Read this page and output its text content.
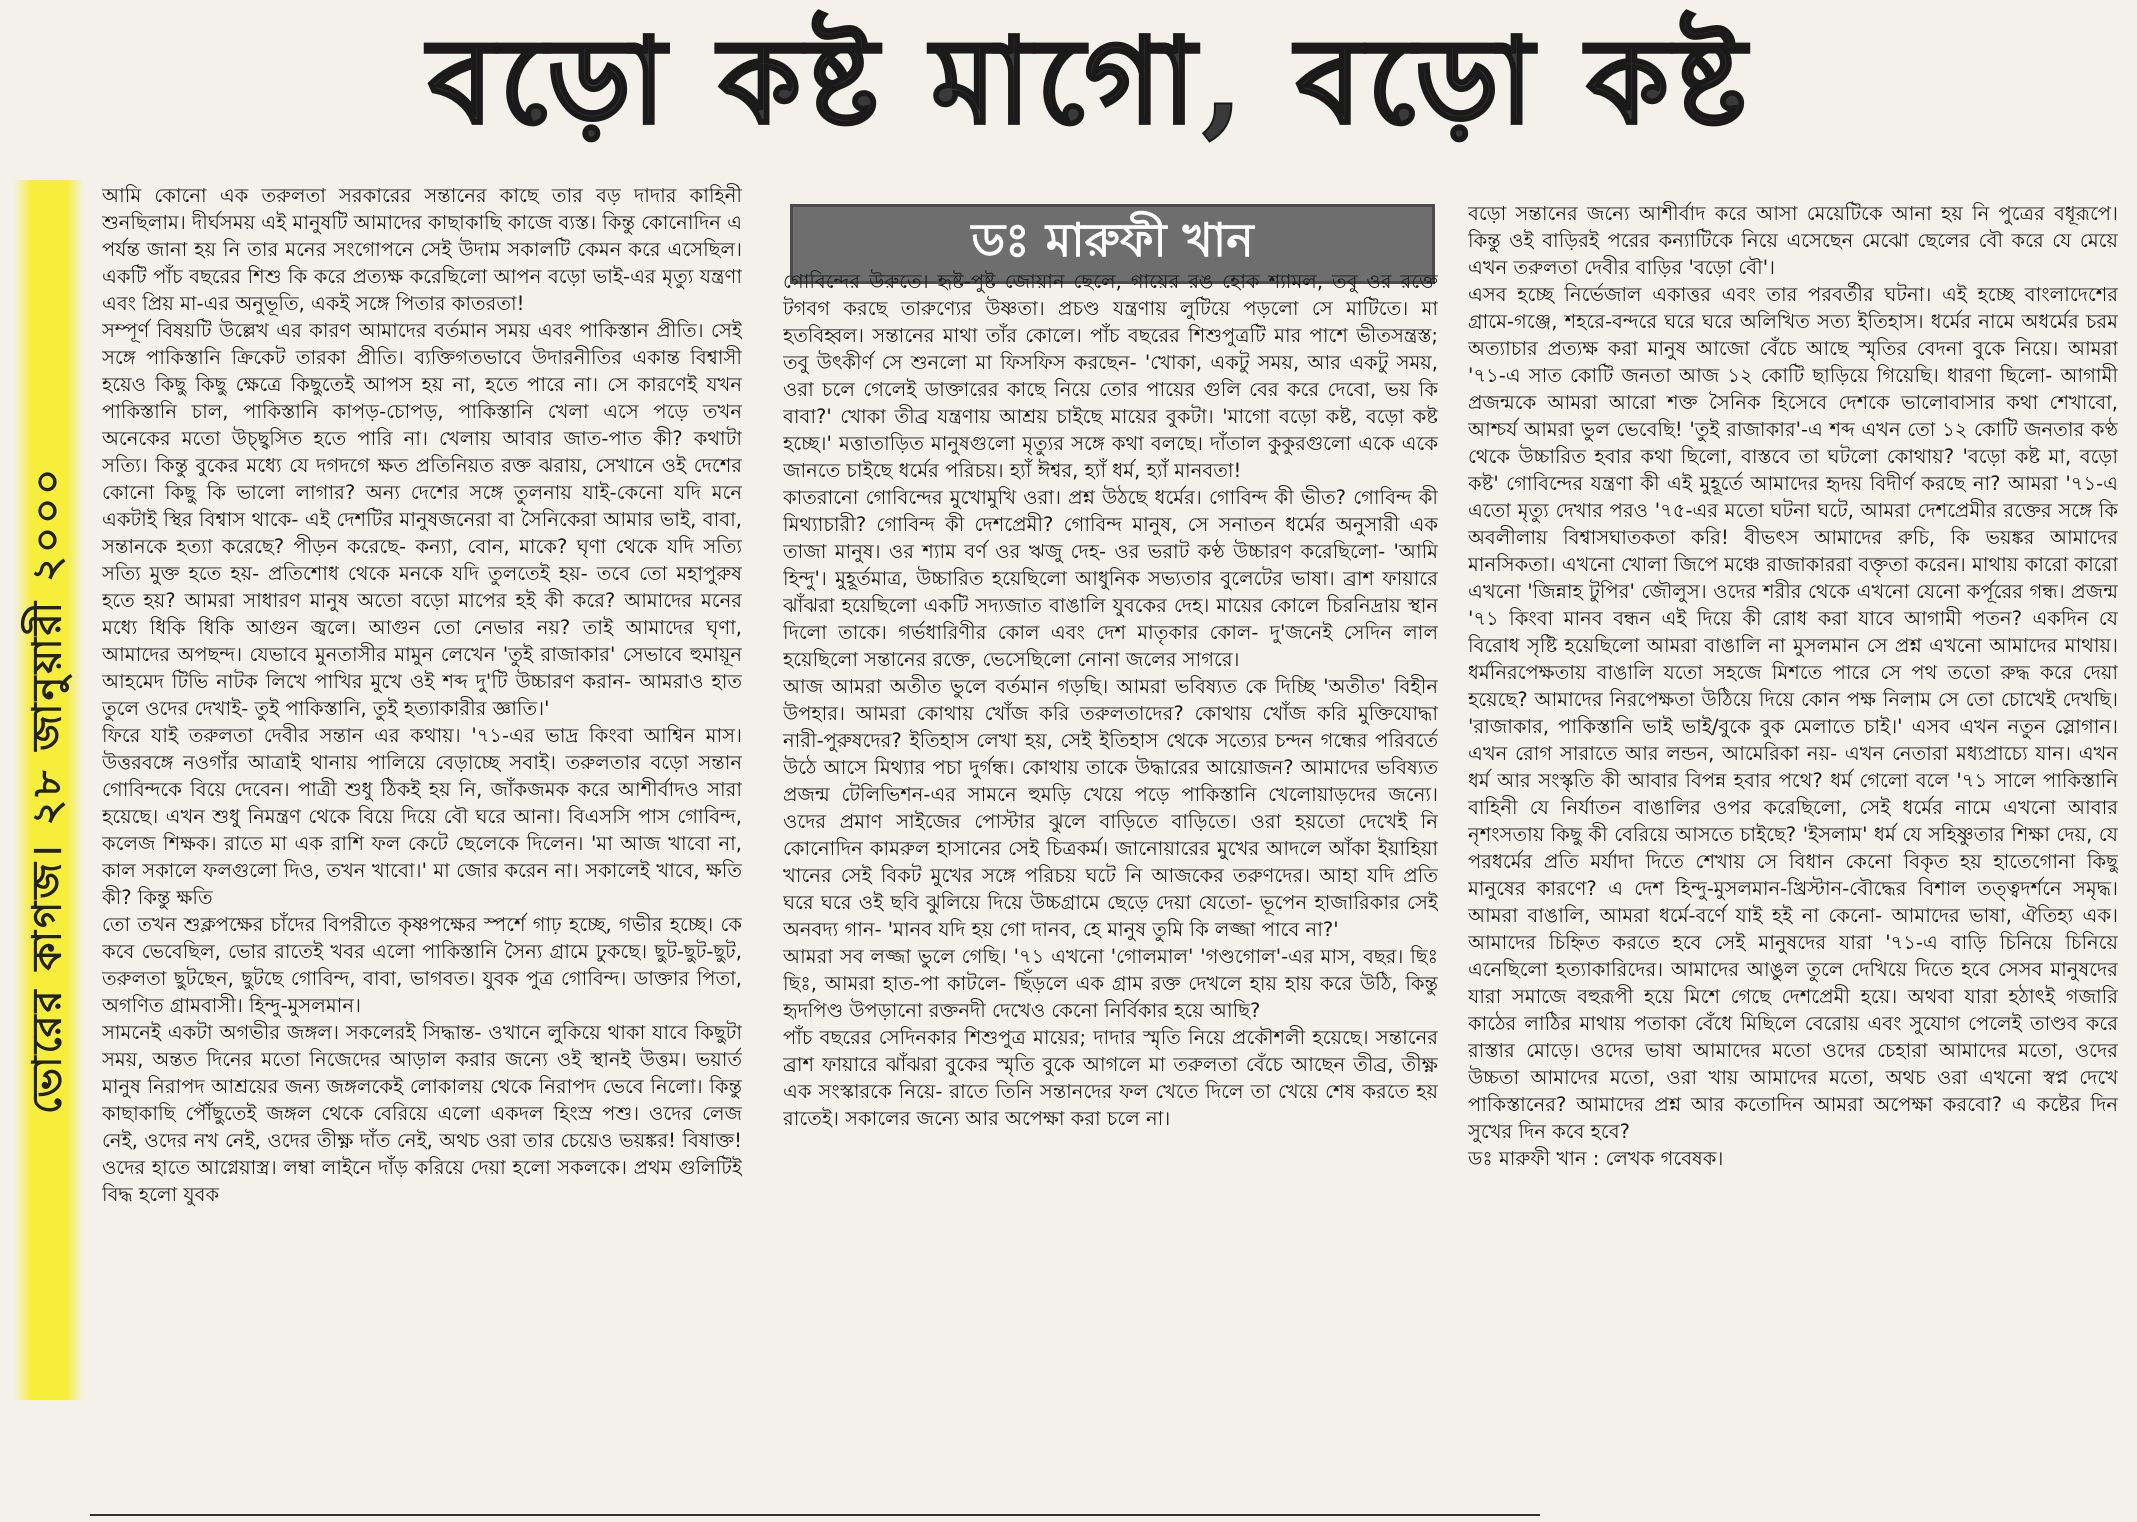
বড়ো কষ্ট মাগো, বড়ো কষ্ট
ভোরের কাগজ। ২৮ জানুয়ারী ২০০০

আমি কোনো এক তরুলতা সরকারের সন্তানের কাছে তার বড় দাদার কাহিনী শুনছিলাম। দীর্ঘসময় এই মানুষটি আমাদের কাছাকাছি কাজে ব্যস্ত। কিন্তু কোনোদিন এ পর্যন্ত জানা হয় নি তার মনের সংগোপনে সেই উদাম সকালটি কেমন করে এসেছিল। একটি পাঁচ বছরের শিশু কি করে প্রত্যক্ষ করেছিলো আপন বড়ো ভাই-এর মৃত্যু যন্ত্রণা এবং প্রিয় মা-এর অনুভূতি, একই সঙ্গে পিতার কাতরতা!

সম্পূর্ণ বিষয়টি উল্লেখ এর কারণ আমাদের বর্তমান সময় এবং পাকিস্তান প্রীতি। সেই সঙ্গে পাকিস্তানি ক্রিকেট তারকা প্রীতি। ব্যক্তিগতভাবে উদারনীতির একান্ত বিশ্বাসী হয়েও কিছু কিছু ক্ষেত্রে কিছুতেই আপস হয় না, হতে পারে না। সে কারণেই যখন পাকিস্তানি চাল, পাকিস্তানি কাপড়-চোপড়, পাকিস্তানি খেলা এসে পড়ে তখন অনেকের মতো উচ্ছ্বসিত হতে পারি না। খেলায় আবার জাত-পাত কী? কথাটা সত্যি। কিন্তু বুকের মধ্যে যে দগদগে ক্ষত প্রতিনিয়ত রক্ত ঝরায়, সেখানে ওই দেশের কোনো কিছু কি ভালো লাগার? অন্য দেশের সঙ্গে তুলনায় যাই-কেনো যদি মনে একটাই স্থির বিশ্বাস থাকে- এই দেশটির মানুষজনেরা বা সৈনিকেরা আমার ভাই, বাবা, সন্তানকে হত্যা করেছে? পীড়ন করেছে- কন্যা, বোন, মাকে? ঘৃণা থেকে যদি সত্যি সত্যি মুক্ত হতে হয়- প্রতিশোধ থেকে মনকে যদি তুলতেই হয়- তবে তো মহাপুরুষ হতে হয়? আমরা সাধারণ মানুষ অতো বড়ো মাপের হই কী করে? আমাদের মনের মধ্যে ধিকি ধিকি আগুন জ্বলে। আগুন তো নেভার নয়? তাই আমাদের ঘৃণা, আমাদের অপছন্দ। যেভাবে মুনতাসীর মামুন লেখেন 'তুই রাজাকার' সেভাবে হুমায়ূন আহমেদ টিভি নাটক লিখে পাখির মুখে ওই শব্দ দু'টি উচ্চারণ করান- আমরাও হাত তুলে ওদের দেখাই- তুই পাকিস্তানি, তুই হত্যাকারীর জ্ঞাতি।'

ফিরে যাই তরুলতা দেবীর সন্তান এর কথায়। '৭১-এর ভাদ্র কিংবা আশ্বিন মাস। উত্তরবঙ্গে নওগাঁর আত্রাই থানায় পালিয়ে বেড়াচ্ছে সবাই। তরুলতার বড়ো সন্তান গোবিন্দকে বিয়ে দেবেন। পাত্রী শুধু ঠিকই হয় নি, জাঁকজমক করে আশীর্বাদও সারা হয়েছে। এখন শুধু নিমন্ত্রণ থেকে বিয়ে দিয়ে বৌ ঘরে আনা। বিএসসি পাস গোবিন্দ, কলেজ শিক্ষক। রাতে মা এক রাশি ফল কেটে ছেলেকে দিলেন। 'মা আজ খাবো না, কাল সকালে ফলগুলো দিও, তখন খাবো।' মা জোর করেন না। সকালেই খাবে, ক্ষতি কী? কিন্তু ক্ষতি

তো তখন শুক্লপক্ষের চাঁদের বিপরীতে কৃষ্ণপক্ষের স্পর্শে গাঢ় হচ্ছে, গভীর হচ্ছে। কে কবে ভেবেছিল, ভোর রাতেই খবর এলো পাকিস্তানি সৈন্য গ্রামে ঢুকছে। ছুট-ছুট-ছুট, তরুলতা ছুটছেন, ছুটছে গোবিন্দ, বাবা, ভাগবত। যুবক পুত্র গোবিন্দ। ডাক্তার পিতা, অগণিত গ্রামবাসী। হিন্দু-মুসলমান।

সামনেই একটা অগভীর জঙ্গল। সকলেরই সিদ্ধান্ত- ওখানে লুকিয়ে থাকা যাবে কিছুটা সময়, অন্তত দিনের মতো নিজেদের আড়াল করার জন্যে ওই স্থানই উত্তম। ভয়ার্ত মানুষ নিরাপদ আশ্রয়ের জন্য জঙ্গলকেই লোকালয় থেকে নিরাপদ ভেবে নিলো। কিন্তু কাছাকাছি পৌঁছুতেই জঙ্গল থেকে বেরিয়ে এলো একদল হিংস্র পশু। ওদের লেজ নেই, ওদের নখ নেই, ওদের তীক্ষ্ণ দাঁত নেই, অথচ ওরা তার চেয়েও ভয়ঙ্কর! বিষাক্ত! ওদের হাতে আগ্নেয়াস্ত্র। লম্বা লাইনে দাঁড় করিয়ে দেয়া হলো সকলকে। প্রথম গুলিটিই বিদ্ধ হলো যুবক

ডঃ মারুফী খান

গোবিন্দের উরুতে। হৃষ্ট-পুষ্ট জোয়ান ছেলে, গায়ের রঙ হোক শ্যামল, তবু ওর রক্তে টগবগ করছে তারুণ্যের উষ্ণতা। প্রচণ্ড যন্ত্রণায় লুটিয়ে পড়লো সে মাটিতে। মা হতবিহ্বল। সন্তানের মাথা তাঁর কোলে। পাঁচ বছরের শিশুপুত্রটি মার পাশে ভীতসন্ত্রস্ত; তবু উৎকীর্ণ সে শুনলো মা ফিসফিস করছেন- 'খোকা, একটু সময়, আর একটু সময়, ওরা চলে গেলেই ডাক্তারের কাছে নিয়ে তোর পায়ের গুলি বের করে দেবো, ভয় কি বাবা?' খোকা তীব্র যন্ত্রণায় আশ্রয় চাইছে মায়ের বুকটা। 'মাগো বড়ো কষ্ট, বড়ো কষ্ট হচ্ছে।' মত্তাতাড়িত মানুষগুলো মৃত্যুর সঙ্গে কথা বলছে। দাঁতাল কুকুরগুলো একে একে জানতে চাইছে ধর্মের পরিচয়। হ্যাঁ ঈশ্বর, হ্যাঁ ধর্ম, হ্যাঁ মানবতা!

কাতরানো গোবিন্দের মুখোমুখি ওরা। প্রশ্ন উঠছে ধর্মের। গোবিন্দ কী ভীত? গোবিন্দ কী মিথ্যাচারী? গোবিন্দ কী দেশপ্রেমী? গোবিন্দ মানুষ, সে সনাতন ধর্মের অনুসারী এক তাজা মানুষ। ওর শ্যাম বর্ণ ওর ঋজু দেহ- ওর ভরাট কণ্ঠ উচ্চারণ করেছিলো- 'আমি হিন্দু'। মুহূর্তমাত্র, উচ্চারিত হয়েছিলো আধুনিক সভ্যতার বুলেটের ভাষা। ব্রাশ ফায়ারে ঝাঁঝরা হয়েছিলো একটি সদ্যজাত বাঙালি যুবকের দেহ। মায়ের কোলে চিরনিদ্রায় স্থান দিলো তাকে। গর্ভধারিণীর কোল এবং দেশ মাতৃকার কোল- দু'জনেই সেদিন লাল হয়েছিলো সন্তানের রক্তে, ভেসেছিলো নোনা জলের সাগরে।

আজ আমরা অতীত ভুলে বর্তমান গড়ছি। আমরা ভবিষ্যত কে দিচ্ছি 'অতীত' বিহীন উপহার। আমরা কোথায় খোঁজ করি তরুলতাদের? কোথায় খোঁজ করি মুক্তিযোদ্ধা নারী-পুরুষদের? ইতিহাস লেখা হয়, সেই ইতিহাস থেকে সত্যের চন্দন গন্ধের পরিবর্তে উঠে আসে মিথ্যার পচা দুর্গন্ধ। কোথায় তাকে উদ্ধারের আয়োজন? আমাদের ভবিষ্যত প্রজন্ম টেলিভিশন-এর সামনে হুমড়ি খেয়ে পড়ে পাকিস্তানি খেলোয়াড়দের জন্যে। ওদের প্রমাণ সাইজের পোস্টার ঝুলে বাড়িতে বাড়িতে। ওরা হয়তো দেখেই নি কোনোদিন কামরুল হাসানের সেই চিত্রকর্ম। জানোয়ারের মুখের আদলে আঁকা ইয়াহিয়া খানের সেই বিকট মুখের সঙ্গে পরিচয় ঘটে নি আজকের তরুণদের। আহা যদি প্রতি ঘরে ঘরে ওই ছবি ঝুলিয়ে দিয়ে উচ্চগ্রামে ছেড়ে দেয়া যেতো- ভূপেন হাজারিকার সেই অনবদ্য গান- 'মানব যদি হয় গো দানব, হে মানুষ তুমি কি লজ্জা পাবে না?'

আমরা সব লজ্জা ভুলে গেছি। '৭১ এখনো 'গোলমাল' 'গণ্ডগোল'-এর মাস, বছর। ছিঃ ছিঃ, আমরা হাত-পা কাটলে- ছিঁড়লে এক গ্রাম রক্ত দেখলে হায় হায় করে উঠি, কিন্তু হৃদপিণ্ড উপড়ানো রক্তনদী দেখেও কেনো নির্বিকার হয়ে আছি?

পাঁচ বছরের সেদিনকার শিশুপুত্র মায়ের; দাদার স্মৃতি নিয়ে প্রকৌশলী হয়েছে। সন্তানের ব্রাশ ফায়ারে ঝাঁঝরা বুকের স্মৃতি বুকে আগলে মা তরুলতা বেঁচে আছেন তীব্র, তীক্ষ্ণ এক সংস্কারকে নিয়ে- রাতে তিনি সন্তানদের ফল খেতে দিলে তা খেয়ে শেষ করতে হয় রাতেই। সকালের জন্যে আর অপেক্ষা করা চলে না।

বড়ো সন্তানের জন্যে আশীর্বাদ করে আসা মেয়েটিকে আনা হয় নি পুত্রের বধূরূপে। কিন্তু ওই বাড়িরই পরের কন্যাটিকে নিয়ে এসেছেন মেঝো ছেলের বৌ করে যে মেয়ে এখন তরুলতা দেবীর বাড়ির 'বড়ো বৌ'।

এসব হচ্ছে নির্ভেজাল একাত্তর এবং তার পরবর্তীর ঘটনা। এই হচ্ছে বাংলাদেশের গ্রামে-গঞ্জে, শহরে-বন্দরে ঘরে ঘরে অলিখিত সত্য ইতিহাস। ধর্মের নামে অধর্মের চরম অত্যাচার প্রত্যক্ষ করা মানুষ আজো বেঁচে আছে স্মৃতির বেদনা বুকে নিয়ে। আমরা '৭১-এ সাত কোটি জনতা আজ ১২ কোটি ছাড়িয়ে গিয়েছি। ধারণা ছিলো- আগামী প্রজন্মকে আমরা আরো শক্ত সৈনিক হিসেবে দেশকে ভালোবাসার কথা শেখাবো, আশ্চর্য আমরা ভুল ভেবেছি! 'তুই রাজাকার'-এ শব্দ এখন তো ১২ কোটি জনতার কণ্ঠ থেকে উচ্চারিত হবার কথা ছিলো, বাস্তবে তা ঘটলো কোথায়? 'বড়ো কষ্ট মা, বড়ো কষ্ট' গোবিন্দের যন্ত্রণা কী এই মুহূর্তে আমাদের হৃদয় বিদীর্ণ করছে না? আমরা '৭১-এ এতো মৃত্যু দেখার পরও '৭৫-এর মতো ঘটনা ঘটে, আমরা দেশপ্রেমীর রক্তের সঙ্গে কি অবলীলায় বিশ্বাসঘাতকতা করি! বীভৎস আমাদের রুচি, কি ভয়ঙ্কর আমাদের মানসিকতা। এখনো খোলা জিপে মঞ্চে রাজাকাররা বক্তৃতা করেন। মাথায় কারো কারো এখনো 'জিন্নাহ টুপির' জৌলুস। ওদের শরীর থেকে এখনো যেনো কর্পূরের গন্ধ। প্রজন্ম '৭১ কিংবা মানব বন্ধন এই দিয়ে কী রোধ করা যাবে আগামী পতন? একদিন যে বিরোধ সৃষ্টি হয়েছিলো আমরা বাঙালি না মুসলমান সে প্রশ্ন এখনো আমাদের মাথায়। ধর্মনিরপেক্ষতায় বাঙালি যতো সহজে মিশতে পারে সে পথ ততো রুদ্ধ করে দেয়া হয়েছে? আমাদের নিরপেক্ষতা উঠিয়ে দিয়ে কোন পক্ষ নিলাম সে তো চোখেই দেখছি। 'রাজাকার, পাকিস্তানি ভাই ভাই/বুকে বুক মেলাতে চাই।' এসব এখন নতুন স্লোগান। এখন রোগ সারাতে আর লন্ডন, আমেরিকা নয়- এখন নেতারা মধ্যপ্রাচ্যে যান। এখন ধর্ম আর সংস্কৃতি কী আবার বিপন্ন হবার পথে? ধর্ম গেলো বলে '৭১ সালে পাকিস্তানি বাহিনী যে নির্যাতন বাঙালির ওপর করেছিলো, সেই ধর্মের নামে এখনো আবার নৃশংসতায় কিছু কী বেরিয়ে আসতে চাইছে? 'ইসলাম' ধর্ম যে সহিষ্ণুতার শিক্ষা দেয়, যে পরধর্মের প্রতি মর্যাদা দিতে শেখায় সে বিধান কেনো বিকৃত হয় হাতেগোনা কিছু মানুষের কারণে? এ দেশ হিন্দু-মুসলমান-খ্রিস্টান-বৌদ্ধের বিশাল তত্ত্বদর্শনে সমৃদ্ধ। আমরা বাঙালি, আমরা ধর্মে-বর্ণে যাই হই না কেনো- আমাদের ভাষা, ঐতিহ্য এক। আমাদের চিহ্নিত করতে হবে সেই মানুষদের যারা '৭১-এ বাড়ি চিনিয়ে চিনিয়ে এনেছিলো হত্যাকারিদের। আমাদের আঙুল তুলে দেখিয়ে দিতে হবে সেসব মানুষদের যারা সমাজে বহুরূপী হয়ে মিশে গেছে দেশপ্রেমী হয়ে। অথবা যারা হঠাৎই গজারি কাঠের লাঠির মাথায় পতাকা বেঁধে মিছিলে বেরোয় এবং সুযোগ পেলেই তাণ্ডব করে রাস্তার মোড়ে। ওদের ভাষা আমাদের মতো ওদের চেহারা আমাদের মতো, ওদের উচ্চতা আমাদের মতো, ওরা খায় আমাদের মতো, অথচ ওরা এখনো স্বপ্ন দেখে পাকিস্তানের? আমাদের প্রশ্ন আর কতোদিন আমরা অপেক্ষা করবো? এ কষ্টের দিন সুখের দিন কবে হবে?

ডঃ মারুফী খান : লেখক গবেষক।
